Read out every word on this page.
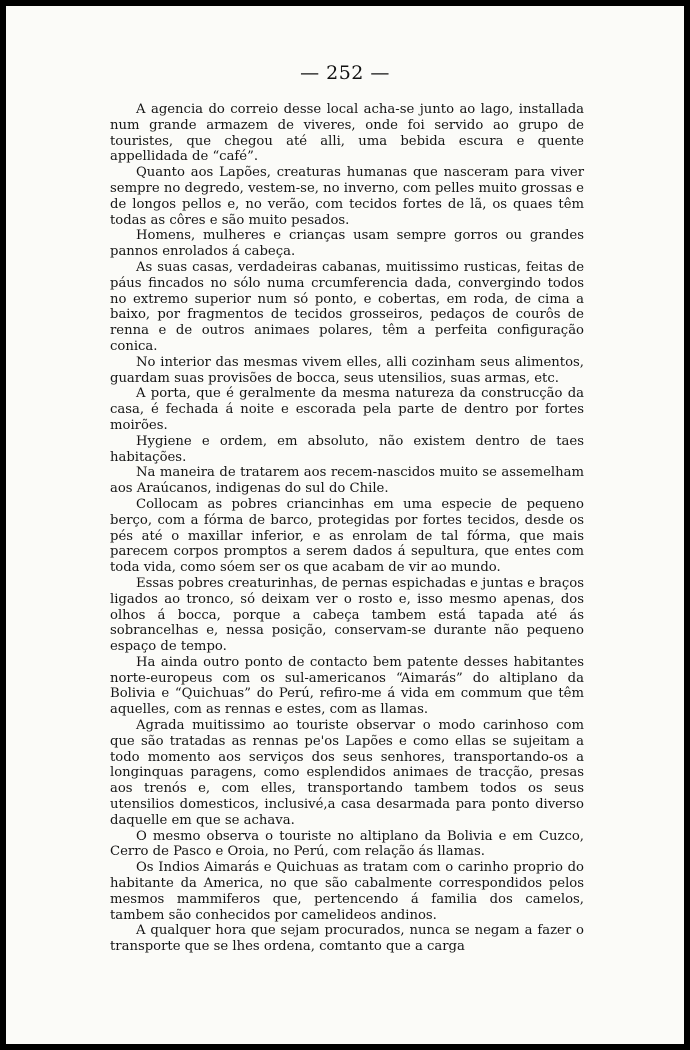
— 252 —

A agencia do correio desse local acha-se junto ao lago, installada num grande armazem de viveres, onde foi servido ao grupo de touristes, que chegou até alli, uma bebida escura e quente appellidada de “café”.

Quanto aos Lapões, creaturas humanas que nasceram para viver sempre no degredo, vestem-se, no inverno, com pelles muito grossas e de longos pellos e, no verão, com tecidos fortes de lã, os quaes têm todas as côres e são muito pesados.

Homens, mulheres e crianças usam sempre gorros ou grandes pannos enrolados á cabeça.

As suas casas, verdadeiras cabanas, muitissimo rusticas, feitas de páus fincados no sólo numa crcumferencia dada, convergindo todos no extremo superior num só ponto, e cobertas, em roda, de cima a baixo, por fragmentos de tecidos grosseiros, pedaços de courôs de renna e de outros animaes polares, têm a perfeita configuração conica.

No interior das mesmas vivem elles, alli cozinham seus alimentos, guardam suas provisões de bocca, seus utensilios, suas armas, etc.

A porta, que é geralmente da mesma natureza da construcção da casa, é fechada á noite e escorada pela parte de dentro por fortes moirões.

Hygiene e ordem, em absoluto, não existem dentro de taes habitações.

Na maneira de tratarem aos recem-nascidos muito se assemelham aos Araúcanos, indigenas do sul do Chile.

Collocam as pobres criancinhas em uma especie de pequeno berço, com a fórma de barco, protegidas por fortes tecidos, desde os pés até o maxillar inferior, e as enrolam de tal fórma, que mais parecem corpos promptos a serem dados á sepultura, que entes com toda vida, como sóem ser os que acabam de vir ao mundo.

Essas pobres creaturinhas, de pernas espichadas e juntas e braços ligados ao tronco, só deixam ver o rosto e, isso mesmo apenas, dos olhos á bocca, porque a cabeça tambem está tapada até ás sobrancelhas e, nessa posição, conservam-se durante não pequeno espaço de tempo.

Ha ainda outro ponto de contacto bem patente desses habitantes norte-europeus com os sul-americanos “Aimarás” do altiplano da Bolivia e “Quichuas” do Perú, refiro-me á vida em commum que têm aquelles, com as rennas e estes, com as llamas.

Agrada muitissimo ao touriste observar o modo carinhoso com que são tratadas as rennas pe'os Lapões e como ellas se sujeitam a todo momento aos serviços dos seus senhores, transportando-os a longinquas paragens, como esplendidos animaes de tracção, presas aos trenós e, com elles, transportando tambem todos os seus utensilios domesticos, inclusivé,a casa desarmada para ponto diverso daquelle em que se achava.

O mesmo observa o touriste no altiplano da Bolivia e em Cuzco, Cerro de Pasco e Oroia, no Perú, com relação ás llamas.

Os Indios Aimarás e Quichuas as tratam com o carinho proprio do habitante da America, no que são cabalmente correspondidos pelos mesmos mammiferos que, pertencendo á familia dos camelos, tambem são conhecidos por camelideos andinos.

A qualquer hora que sejam procurados, nunca se negam a fazer o transporte que se lhes ordena, comtanto que a carga
